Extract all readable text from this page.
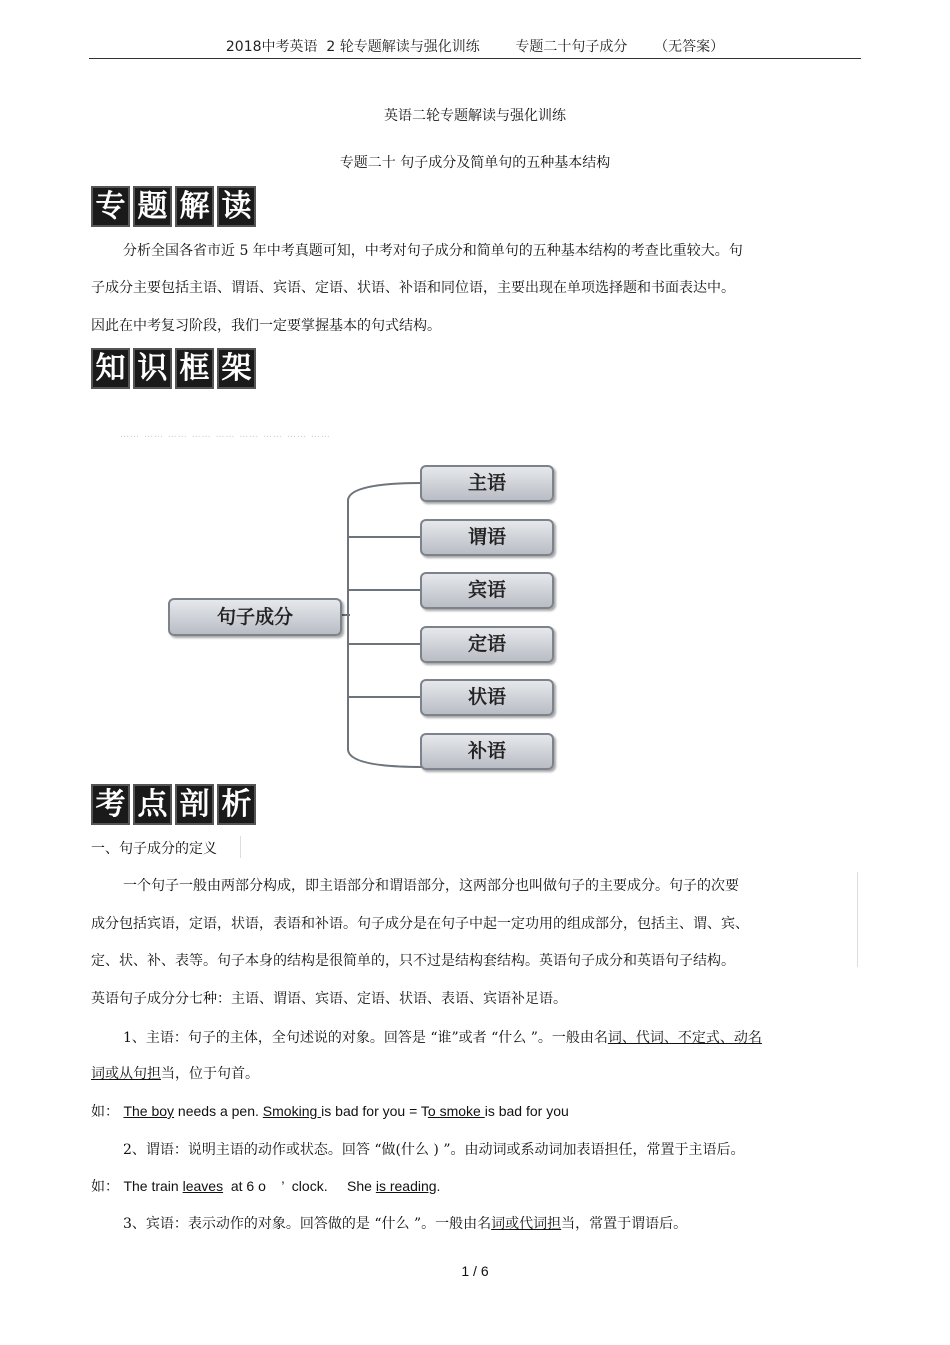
2018中考英语  2 轮专题解读与强化训练        专题二十句子成分      （无答案）
英语二轮专题解读与强化训练
专题二十 句子成分及简单句的五种基本结构
专 题 解 读
分析全国各省市近 5 年中考真题可知，中考对句子成分和简单句的五种基本结构的考查比重较大。句
子成分主要包括主语、谓语、宾语、定语、状语、补语和同位语，主要出现在单项选择题和书面表达中。
因此在中考复习阶段，我们一定要掌握基本的句式结构。
知 识 框 架
…… …… …… …… …… …… …… …… ……
句子成分
主语
谓语
宾语
定语
状语
补语
考 点 剖 析
一、句子成分的定义
一个句子一般由两部分构成，即主语部分和谓语部分，这两部分也叫做句子的主要成分。句子的次要
成分包括宾语，定语，状语，表语和补语。句子成分是在句子中起一定功用的组成部分，包括主、谓、宾、
定、状、补、表等。句子本身的结构是很简单的，只不过是结构套结构。英语句子成分和英语句子结构。
英语句子成分分七种：主语、谓语、宾语、定语、状语、表语、宾语补足语。
1、主语：句子的主体，全句述说的对象。回答是 “谁”或者 “什么 ”。一般由名词、代词、不定式、动名
词或从句担当，位于句首。
如： The boy needs a pen. Smoking is bad for you = To smoke is bad for you
2、谓语：说明主语的动作或状态。回答 “做(什么 ) ”。由动词或系动词加表语担任，常置于主语后。
如： The train leaves  at 6 o    ’  clock.     She is reading.
3、宾语：表示动作的对象。回答做的是 “什么 ”。一般由名词或代词担当，常置于谓语后。
1 / 6
